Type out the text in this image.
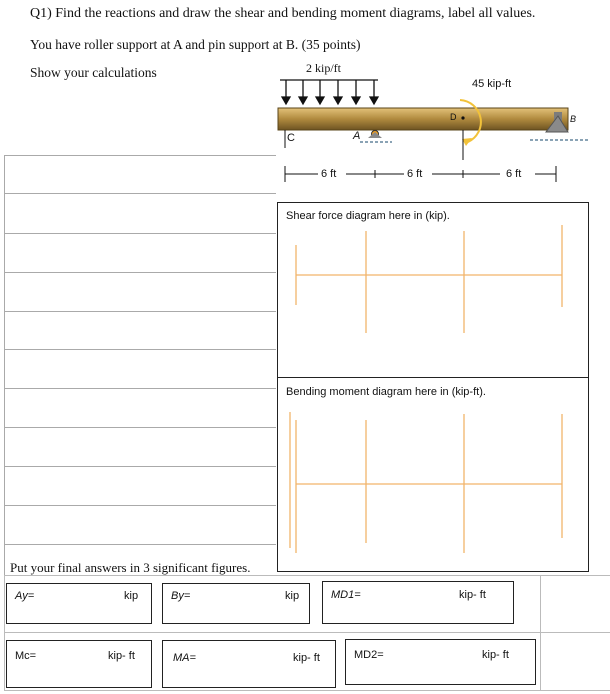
Q1) Find the reactions and draw the shear and bending moment diagrams, label all values.
You have roller support at A and pin support at B. (35 points)
Show your calculations	2 kip/ft
45 kip-ft
C	A
D	B
6 ft	6 ft	6 ft
Shear force diagram here in (kip).
Bending moment diagram here in (kip-ft).
Put your final answers in 3 significant figures.
Ay=	kip	By=	kip	MD1=	kip- ft
Mc=	kip- ft	MA=	kip- ft	MD2=	kip- ft
